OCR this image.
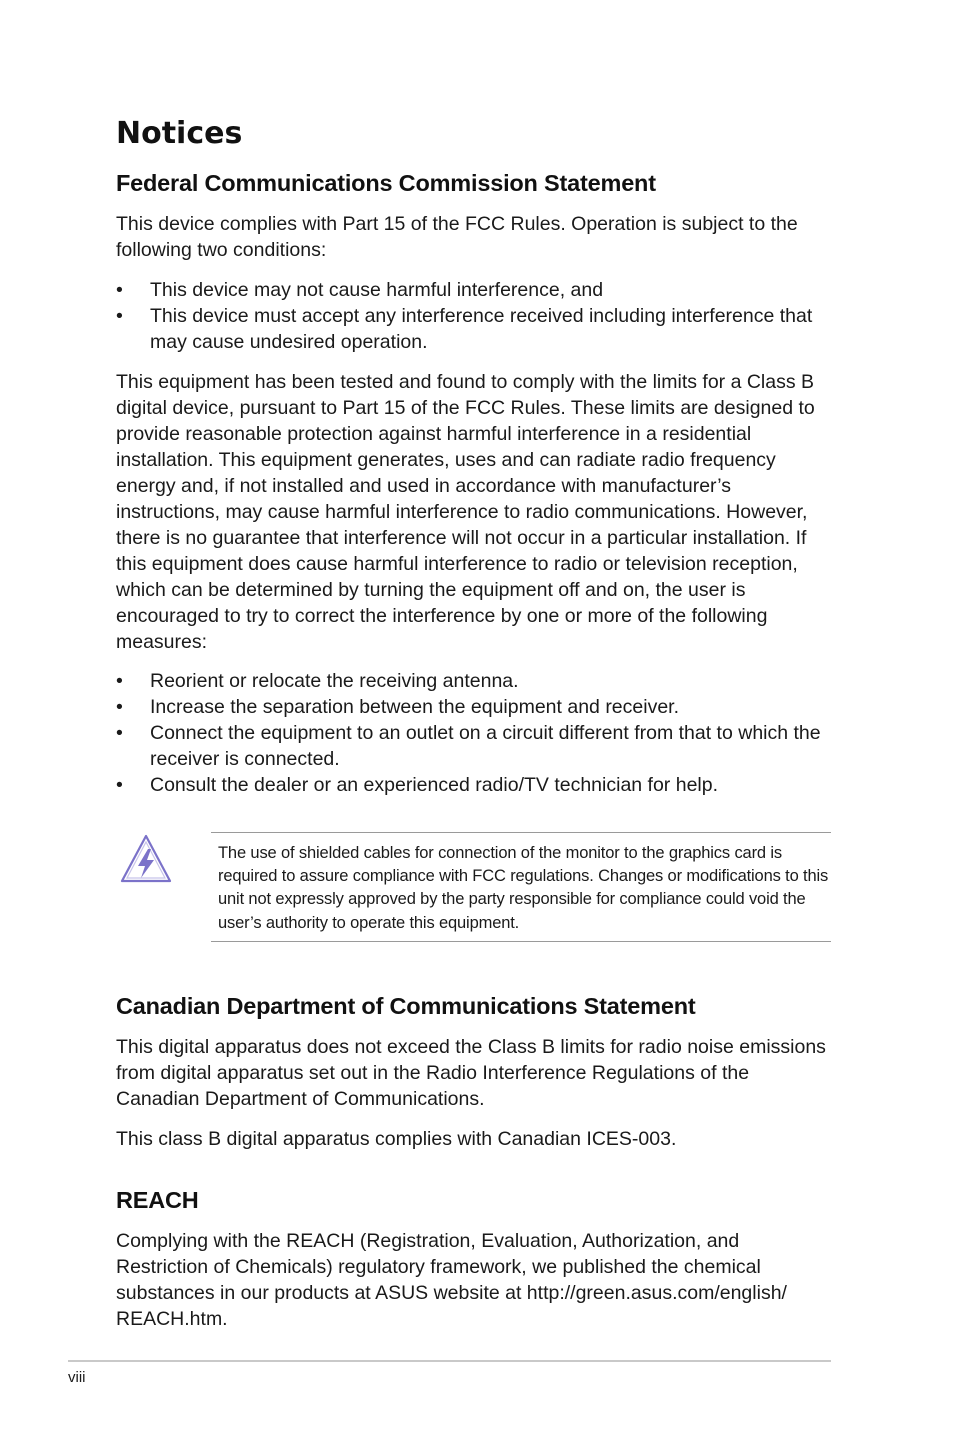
Notices
Federal Communications Commission Statement

This device complies with Part 15 of the FCC Rules. Operation is subject to the following two conditions:

• This device may not cause harmful interference, and
• This device must accept any interference received including interference that may cause undesired operation.

This equipment has been tested and found to comply with the limits for a Class B digital device, pursuant to Part 15 of the FCC Rules. These limits are designed to provide reasonable protection against harmful interference in a residential installation. This equipment generates, uses and can radiate radio frequency energy and, if not installed and used in accordance with manufacturer’s instructions, may cause harmful interference to radio communications. However, there is no guarantee that interference will not occur in a particular installation. If this equipment does cause harmful interference to radio or television reception, which can be determined by turning the equipment off and on, the user is encouraged to try to correct the interference by one or more of the following measures:

• Reorient or relocate the receiving antenna.
• Increase the separation between the equipment and receiver.
• Connect the equipment to an outlet on a circuit different from that to which the receiver is connected.
• Consult the dealer or an experienced radio/TV technician for help.

The use of shielded cables for connection of the monitor to the graphics card is required to assure compliance with FCC regulations. Changes or modifications to this unit not expressly approved by the party responsible for compliance could void the user’s authority to operate this equipment.

Canadian Department of Communications Statement

This digital apparatus does not exceed the Class B limits for radio noise emissions from digital apparatus set out in the Radio Interference Regulations of the Canadian Department of Communications.

This class B digital apparatus complies with Canadian ICES-003.

REACH

Complying with the REACH (Registration, Evaluation, Authorization, and Restriction of Chemicals) regulatory framework, we published the chemical substances in our products at ASUS website at http://green.asus.com/english/ REACH.htm.

viii
